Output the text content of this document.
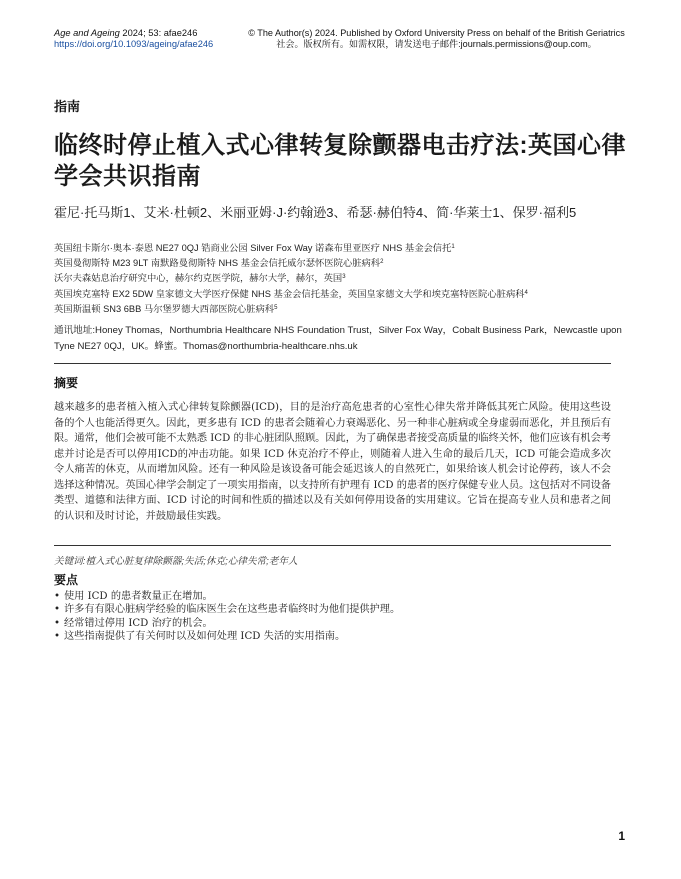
Age and Ageing 2024; 53: afae246
https://doi.org/10.1093/ageing/afae246
© The Author(s) 2024. Published by Oxford University Press on behalf of the British Geriatrics
社会。版权所有。如需权限，请发送电子邮件:journals.permissions@oup.com。
指南
临终时停止植入式心律转复除颤器电击疗法:英国心律学会共识指南
霍尼·托马斯1、艾米·杜顿2、米丽亚姆·J·约翰逊3、希瑟·赫伯特4、简·华莱士1、保罗·福利5
英国纽卡斯尔·奥本·泰恩 NE27 0QJ 锆商业公园 Silver Fox Way 诺森布里亚医疗 NHS 基金会信托$^1$
英国曼彻斯特 M23 9LT 南默路曼彻斯特 NHS 基金会信托威尔瑟怀医院心脏病科$^2$
沃尔夫森姑息治疗研究中心，赫尔约克医学院，赫尔大学，赫尔，英国$^3$
英国埃克塞特 EX2 5DW 皇家德文大学医疗保健 NHS 基金会信托基金，英国皇家德文大学和埃克塞特医院心脏病科$^4$
英国斯温顿 SN3 6BB 马尔堡罗德大西部医院心脏病科$^5$
通讯地址:Honey Thomas，Northumbria Healthcare NHS Foundation Trust，Silver Fox Way，Cobalt Business Park，Newcastle upon Tyne NE27 0QJ，UK。蜂蜜。Thomas@northumbria-healthcare.nhs.uk
摘要

越来越多的患者植入植入式心律转复除颤器(ICD)，目的是治疗高危患者的心室性心律失常并降低其死亡风险。使用这些设备的个人也能活得更久。因此，更多患有 ICD 的患者会随着心力衰竭恶化、另一种非心脏病或全身虚弱而恶化，并且预后有限。通常，他们会被可能不太熟悉 ICD 的非心脏团队照顾。因此，为了确保患者接受高质量的临终关怀，他们应该有机会考虑并讨论是否可以停用ICD的冲击功能。如果 ICD 休克治疗不停止，则随着人进入生命的最后几天，ICD 可能会造成多次令人痛苦的休克，从而增加风险。还有一种风险是该设备可能会延迟该人的自然死亡，如果给该人机会讨论停药，该人不会选择这种情况。英国心律学会制定了一项实用指南，以支持所有护理有 ICD 的患者的医疗保健专业人员。这包括对不同设备类型、道德和法律方面、ICD 讨论的时间和性质的描述以及有关如何停用设备的实用建议。它旨在提高专业人员和患者之间的认识和及时讨论，并鼓励最佳实践。

关键词:植入式心脏复律除颤器;失活;休克;心律失常;老年人
要点
• 使用 ICD 的患者数量正在增加。
• 许多有有限心脏病学经验的临床医生会在这些患者临终时为他们提供护理。
• 经常错过停用 ICD 治疗的机会。
• 这些指南提供了有关何时以及如何处理 ICD 失活的实用指南。
1
